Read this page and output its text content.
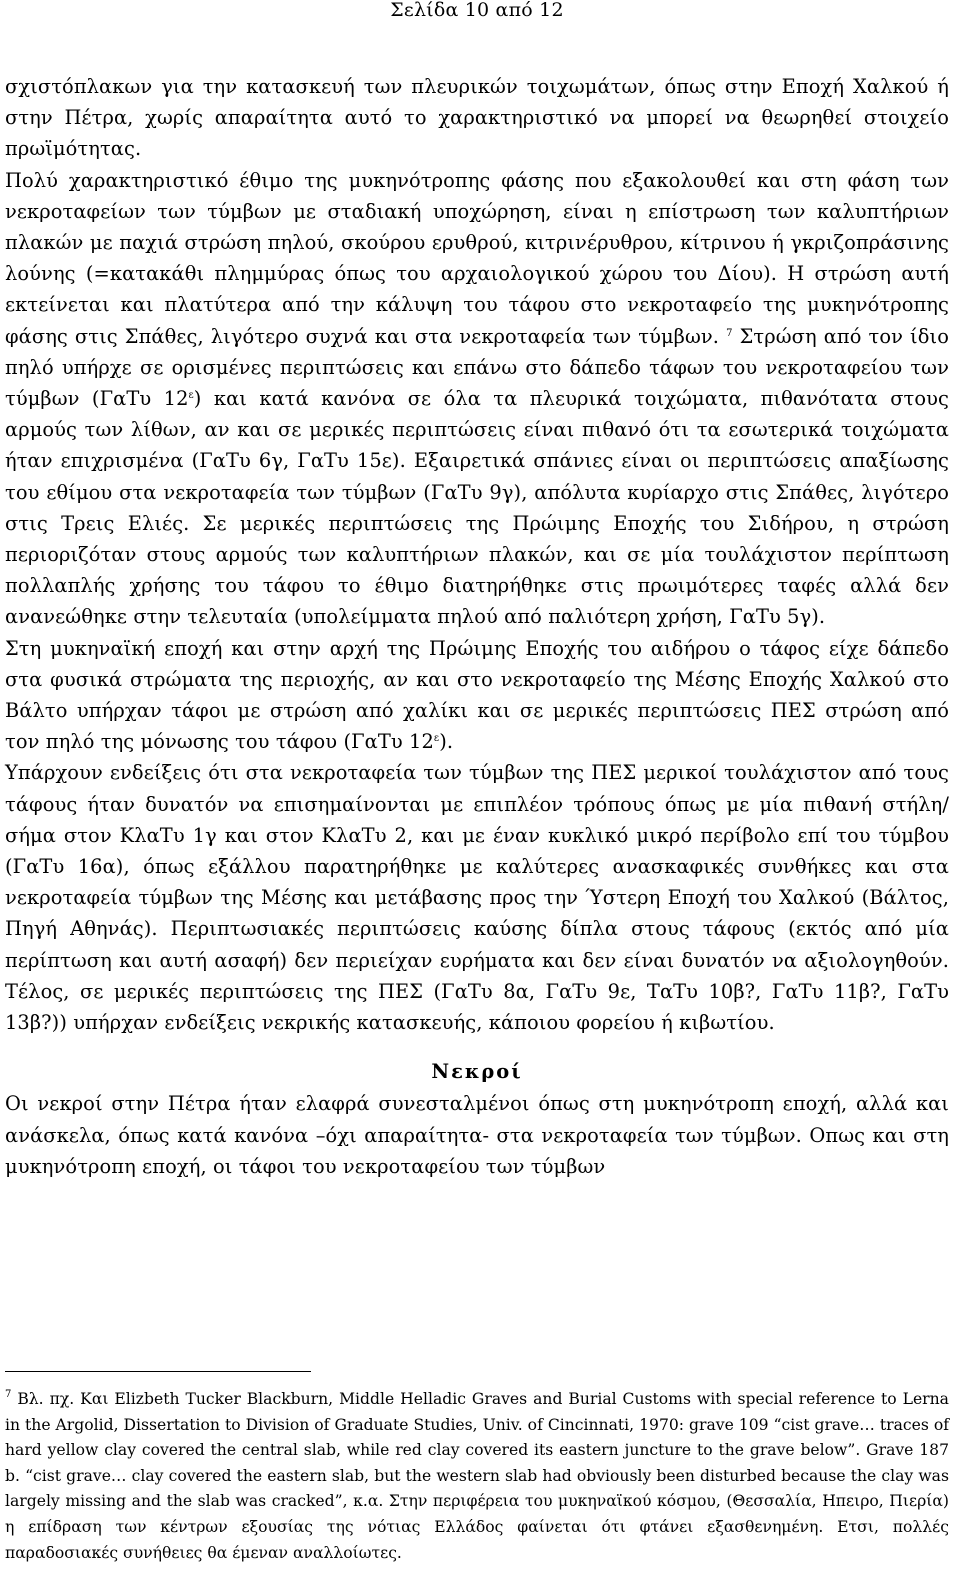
Σελίδα 10 από 12

σχιστόπλακων για την κατασκευή των πλευρικών τοιχωμάτων, όπως στην Εποχή Χαλκού ή στην Πέτρα, χωρίς απαραίτητα αυτό το χαρακτηριστικό να μπορεί να θεωρηθεί στοιχείο πρωϊμότητας.

Πολύ χαρακτηριστικό έθιμο της μυκηνότροπης φάσης που εξακολουθεί και στη φάση των νεκροταφείων των τύμβων με σταδιακή υποχώρηση, είναι η επίστρωση των καλυπτήριων πλακών με παχιά στρώση πηλού, σκούρου ερυθρού, κιτρινέρυθρου, κίτρινου ή γκριζοπράσινης λούνης (=κατακάθι πλημμύρας όπως του αρχαιολογικού χώρου του Δίου). Η στρώση αυτή εκτείνεται και πλατύτερα από την κάλυψη του τάφου στο νεκροταφείο της μυκηνότροπης φάσης στις Σπάθες, λιγότερο συχνά και στα νεκροταφεία των τύμβων. $^7$ Στρώση από τον ίδιο πηλό υπήρχε σε ορισμένες περιπτώσεις και επάνω στο δάπεδο τάφων του νεκροταφείου των τύμβων (ΓαΤυ $12^\varepsilon$) και κατά κανόνα σε όλα τα πλευρικά τοιχώματα, πιθανότατα στους αρμούς των λίθων, αν και σε μερικές περιπτώσεις είναι πιθανό ότι τα εσωτερικά τοιχώματα ήταν επιχρισμένα (ΓαΤυ 6γ, ΓαΤυ 15ε). Εξαιρετικά σπάνιες είναι οι περιπτώσεις απαξίωσης του εθίμου στα νεκροταφεία των τύμβων (ΓαΤυ 9γ), απόλυτα κυρίαρχο στις Σπάθες, λιγότερο στις Τρεις Ελιές. Σε μερικές περιπτώσεις της Πρώιμης Εποχής του Σιδήρου, η στρώση περιοριζόταν στους αρμούς των καλυπτήριων πλακών, και σε μία τουλάχιστον περίπτωση πολλαπλής χρήσης του τάφου το έθιμο διατηρήθηκε στις πρωιμότερες ταφές αλλά δεν ανανεώθηκε στην τελευταία (υπολείμματα πηλού από παλιότερη χρήση, ΓαΤυ 5γ).

Στη μυκηναϊκή εποχή και στην αρχή της Πρώιμης Εποχής του αιδήρου ο τάφος είχε δάπεδο στα φυσικά στρώματα της περιοχής, αν και στο νεκροταφείο της Μέσης Εποχής Χαλκού στο Βάλτο υπήρχαν τάφοι με στρώση από χαλίκι και σε μερικές περιπτώσεις ΠΕΣ στρώση από τον πηλό της μόνωσης του τάφου (ΓαΤυ $12^\varepsilon$).

Υπάρχουν ενδείξεις ότι στα νεκροταφεία των τύμβων της ΠΕΣ μερικοί τουλάχιστον από τους τάφους ήταν δυνατόν να επισημαίνονται με επιπλέον τρόπους όπως με μία πιθανή στήλη/σήμα στον ΚλαΤυ 1γ και στον ΚλαΤυ 2, και με έναν κυκλικό μικρό περίβολο επί του τύμβου (ΓαΤυ 16α), όπως εξάλλου παρατηρήθηκε με καλύτερες ανασκαφικές συνθήκες και στα νεκροταφεία τύμβων της Μέσης και μετάβασης προς την Ύστερη Εποχή του Χαλκού (Βάλτος, Πηγή Αθηνάς). Περιπτωσιακές περιπτώσεις καύσης δίπλα στους τάφους (εκτός από μία περίπτωση και αυτή ασαφή) δεν περιείχαν ευρήματα και δεν είναι δυνατόν να αξιολογηθούν. Τέλος, σε μερικές περιπτώσεις της ΠΕΣ (ΓαΤυ 8α, ΓαΤυ 9ε, ΤαΤυ 10β?, ΓαΤυ 11β?, ΓαΤυ 13β?)) υπήρχαν ενδείξεις νεκρικής κατασκευής, κάποιου φορείου ή κιβωτίου.

Νεκροί

Οι νεκροί στην Πέτρα ήταν ελαφρά συνεσταλμένοι όπως στη μυκηνότροπη εποχή, αλλά και ανάσκελα, όπως κατά κανόνα –όχι απαραίτητα- στα νεκροταφεία των τύμβων. Οπως και στη μυκηνότροπη εποχή, οι τάφοι του νεκροταφείου των τύμβων

$^7$ Βλ. πχ. Και Elizbeth Tucker Blackburn, Middle Helladic Graves and Burial Customs with special reference to Lerna in the Argolid, Dissertation to Division of Graduate Studies, Univ. of Cincinnati, 1970: grave 109 “cist grave… traces of hard yellow clay covered the central slab, while red clay covered its eastern juncture to the grave below”. Grave 187 b. “cist grave… clay covered the eastern slab, but the western slab had obviously been disturbed because the clay was largely missing and the slab was cracked”, κ.α. Στην περιφέρεια του μυκηναϊκού κόσμου, (Θεσσαλία, Ηπειρο, Πιερία) η επίδραση των κέντρων εξουσίας της νότιας Ελλάδος φαίνεται ότι φτάνει εξασθενημένη. Ετσι, πολλές παραδοσιακές συνήθειες θα έμεναν αναλλοίωτες.
